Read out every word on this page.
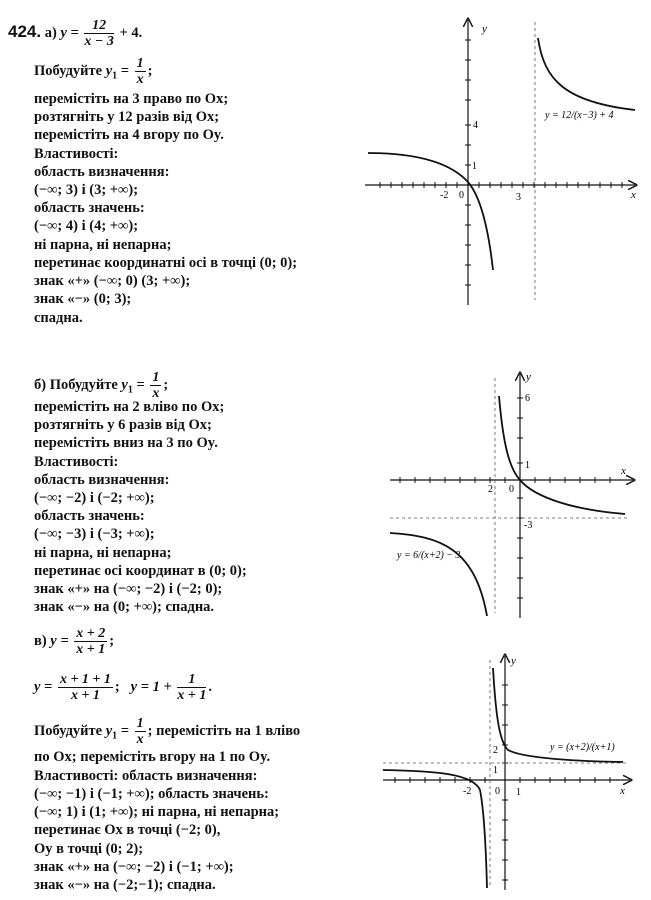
424. а) $y = \frac{12}{x - 3} + 4$.
Побудуйте $y_1 = \frac{1}{x}$ ;
перемістіть на 3 право по Ox;
розтягніть у 12 разів від Ox;
перемістіть на 4 вгору по Oy.
Властивості:
область визначення:
(−∞; 3) і (3; +∞);
область значень:
(−∞; 4) і (4; +∞);
ні парна, ні непарна;
перетинає координатні осі в точці (0; 0);
знак «+» (−∞; 0) (3; +∞);
знак «−» (0; 3);
спадна.
y
x
-2 0	3
1
4
y = 12/(x−3) + 4
б) Побудуйте $y_1 = \frac{1}{x}$ ;
перемістіть на 2 вліво по Ox;
розтягніть у 6 разів від Ox;
перемістіть вниз на 3 по Oy.
Властивості:
область визначення:
(−∞; −2) і (−2; +∞);
область значень:
(−∞; −3) і (−3; +∞);
ні парна, ні непарна;
перетинає осі координат в (0; 0);
знак «+» на (−∞; −2) і (−2; 0);
знак «−» на (0; +∞); спадна.
y
x
6
1
2 0
-3
y = 6/(x+2) − 3
в) $y = \frac{x + 2}{x + 1}$ ;
$y = \frac{x + 1 + 1}{x + 1}$ ; $y = 1 + \frac{1}{x + 1}$ .
Побудуйте $y_1 = \frac{1}{x}$ ; перемістіть на 1 вліво
по Ox; перемістіть вгору на 1 по Oy.
Властивості: область визначення:
(−∞; −1) і (−1; +∞); область значень:
(−∞; 1) і (1; +∞); ні парна, ні непарна;
перетинає Ox в точці (−2; 0),
Oy в точці (0; 2);
знак «+» на (−∞; −2) і (−1; +∞);
знак «−» на (−2;−1); спадна.
y
x
2
1
-2 0 1
y = (x+2)/(x+1)
